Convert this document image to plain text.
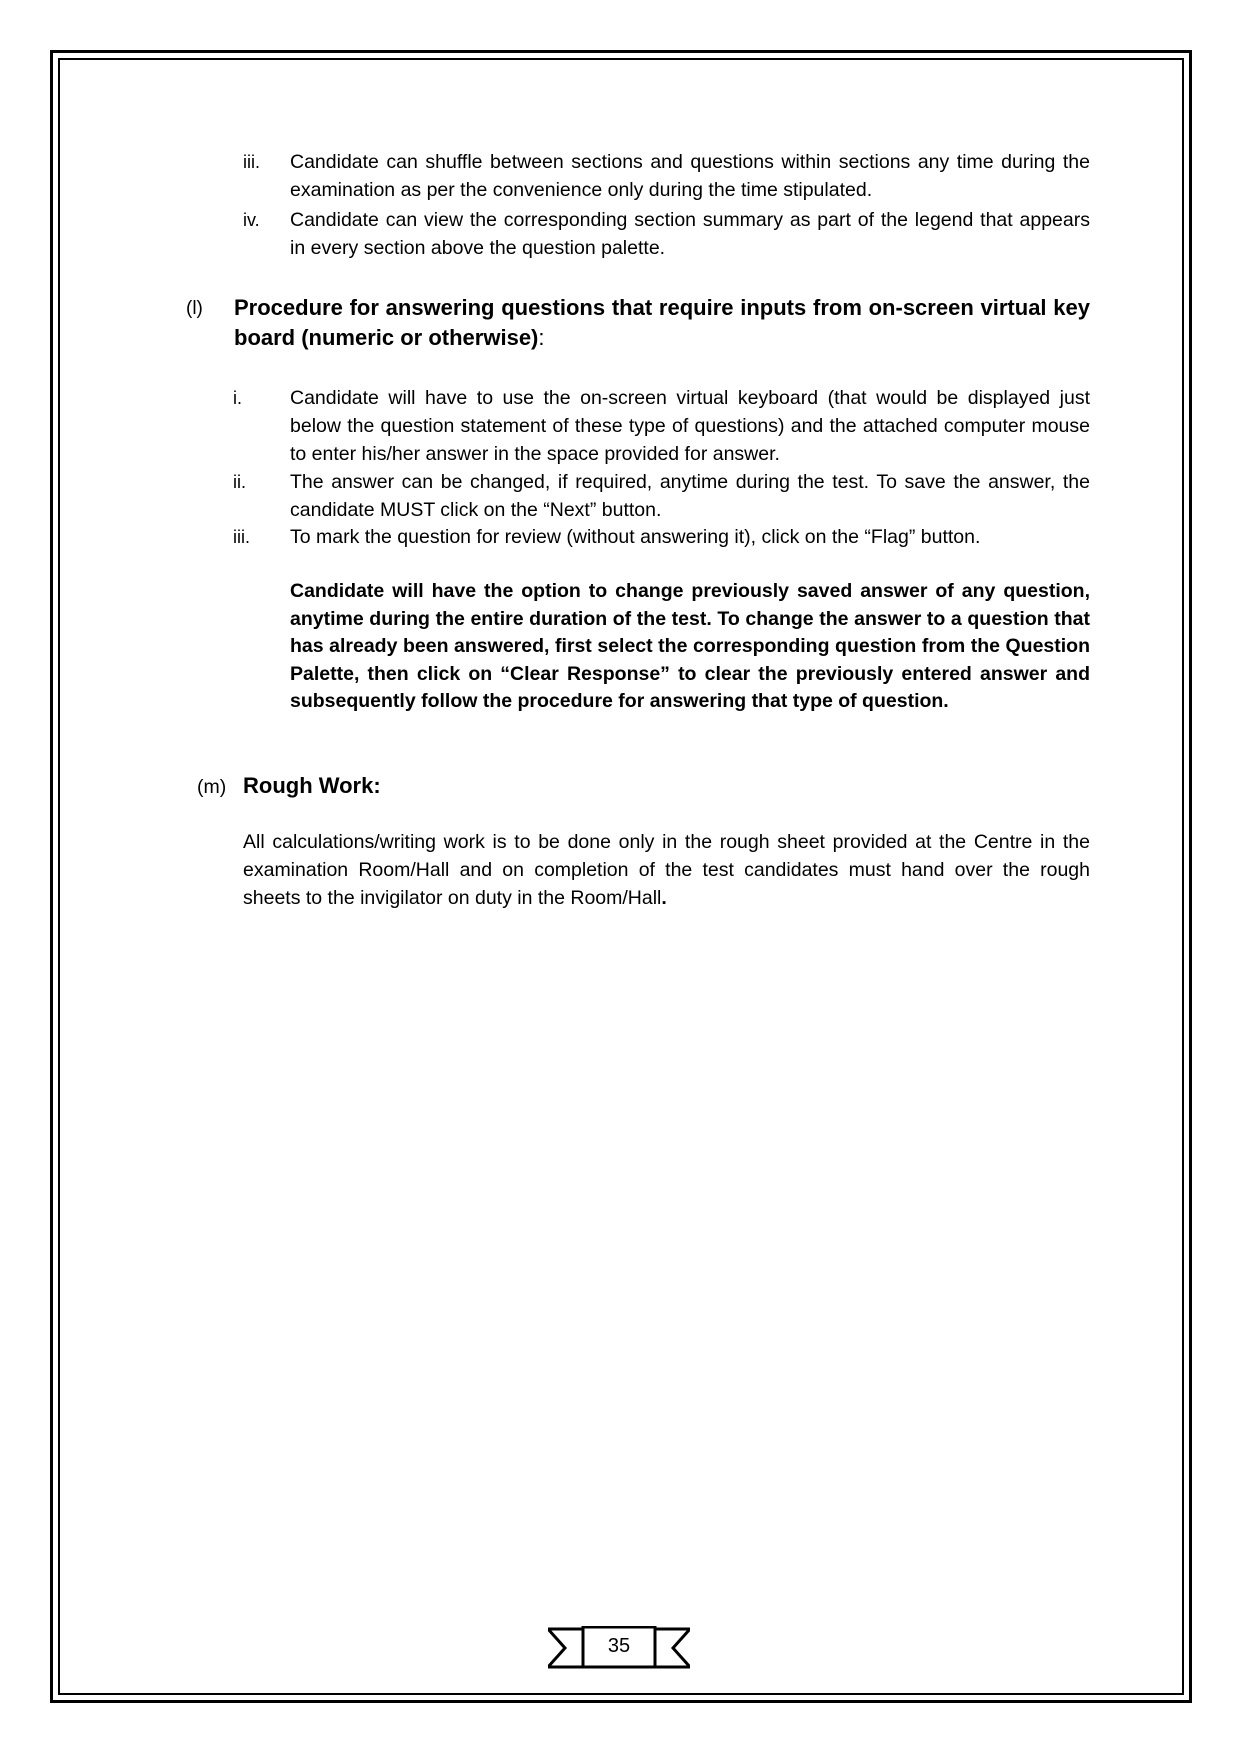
iii. Candidate can shuffle between sections and questions within sections any time during the examination as per the convenience only during the time stipulated.
iv. Candidate can view the corresponding section summary as part of the legend that appears in every section above the question palette.
(l) Procedure for answering questions that require inputs from on-screen virtual key board (numeric or otherwise):
i. Candidate will have to use the on-screen virtual keyboard (that would be displayed just below the question statement of these type of questions) and the attached computer mouse to enter his/her answer in the space provided for answer.
ii. The answer can be changed, if required, anytime during the test. To save the answer, the candidate MUST click on the “Next” button.
iii. To mark the question for review (without answering it), click on the “Flag” button.
Candidate will have the option to change previously saved answer of any question, anytime during the entire duration of the test. To change the answer to a question that has already been answered, first select the corresponding question from the Question Palette, then click on “Clear Response” to clear the previously entered answer and subsequently follow the procedure for answering that type of question.
(m) Rough Work:
All calculations/writing work is to be done only in the rough sheet provided at the Centre in the examination Room/Hall and on completion of the test candidates must hand over the rough sheets to the invigilator on duty in the Room/Hall.
35
